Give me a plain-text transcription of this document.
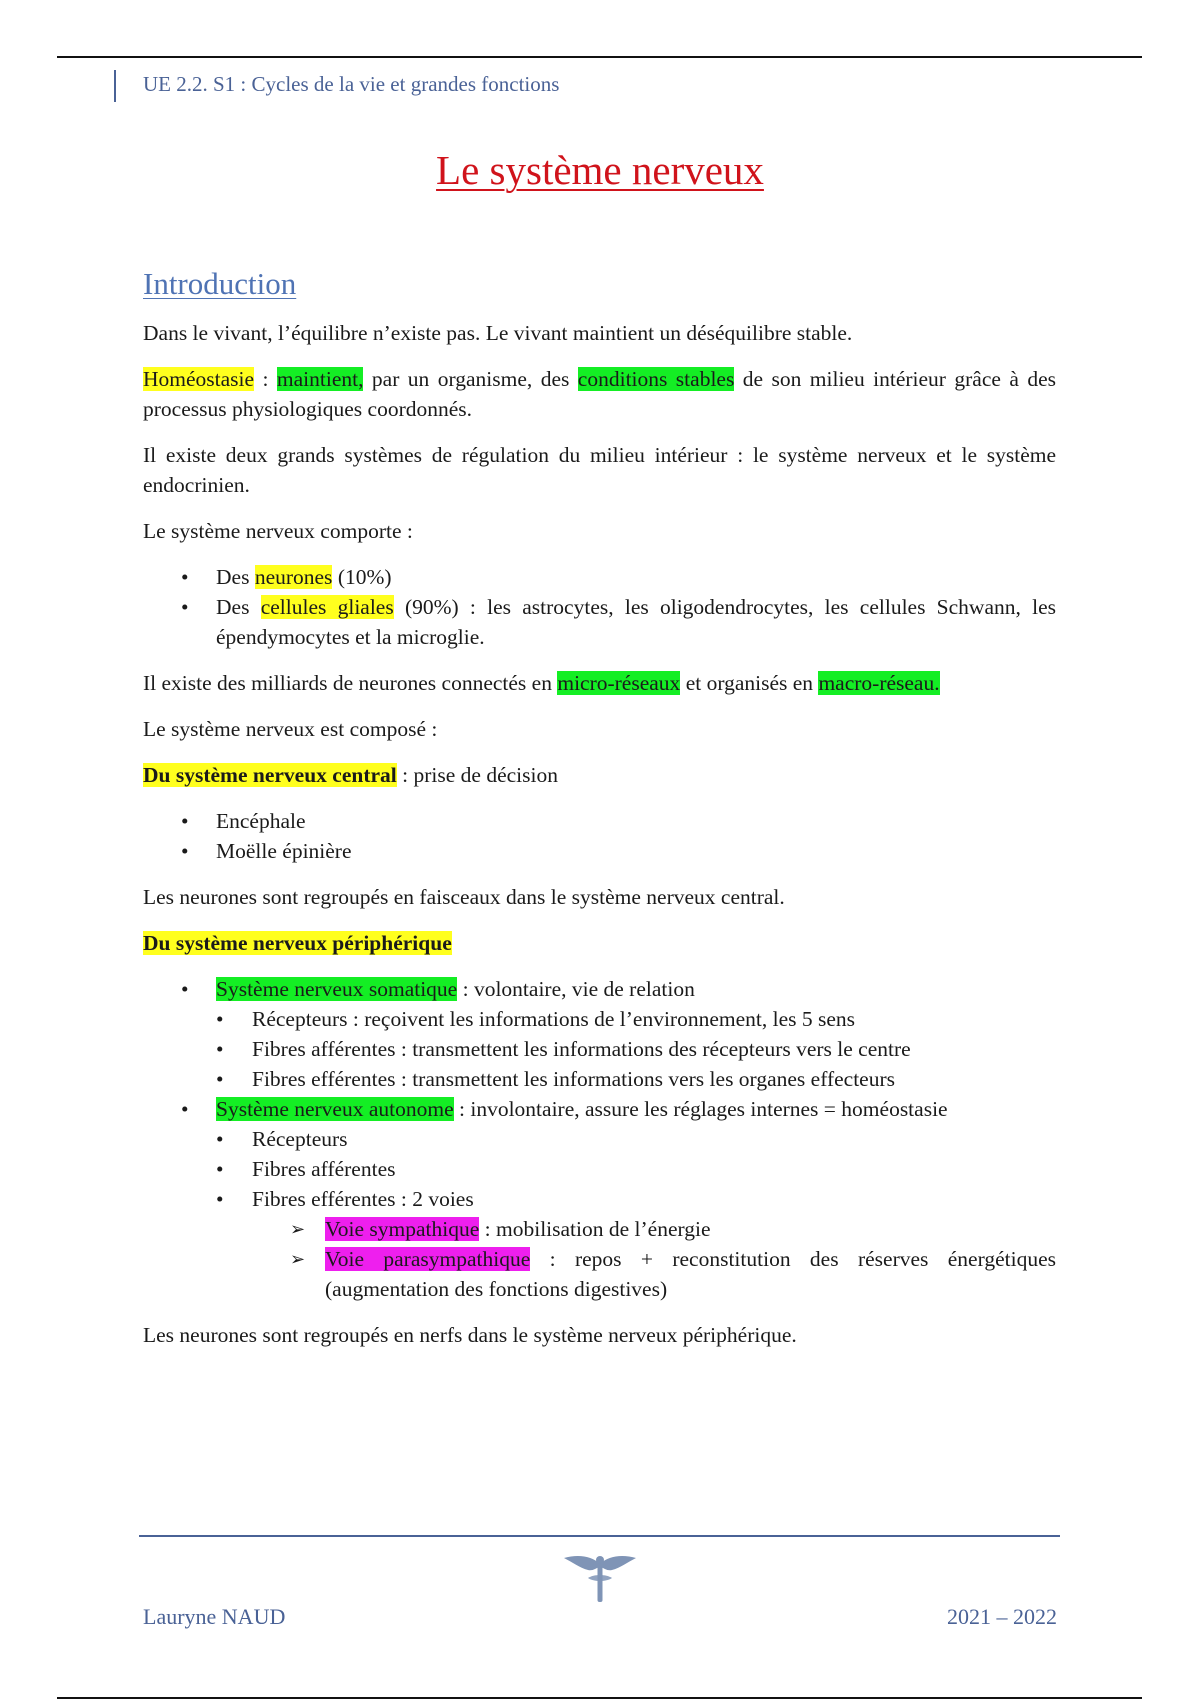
UE 2.2. S1 : Cycles de la vie et grandes fonctions
Le système nerveux
Introduction

Dans le vivant, l’équilibre n’existe pas. Le vivant maintient un déséquilibre stable.

Homéostasie : maintient, par un organisme, des conditions stables de son milieu intérieur grâce à des processus physiologiques coordonnés.

Il existe deux grands systèmes de régulation du milieu intérieur : le système nerveux et le système endocrinien.

Le système nerveux comporte :

• Des neurones (10%)
• Des cellules gliales (90%) : les astrocytes, les oligodendrocytes, les cellules Schwann, les épendymocytes et la microglie.

Il existe des milliards de neurones connectés en micro-réseaux et organisés en macro-réseau.

Le système nerveux est composé :

Du système nerveux central : prise de décision

• Encéphale
• Moëlle épinière

Les neurones sont regroupés en faisceaux dans le système nerveux central.

Du système nerveux périphérique

• Système nerveux somatique : volontaire, vie de relation
• Récepteurs : reçoivent les informations de l’environnement, les 5 sens
• Fibres afférentes : transmettent les informations des récepteurs vers le centre
• Fibres efférentes : transmettent les informations vers les organes effecteurs
• Système nerveux autonome : involontaire, assure les réglages internes = homéostasie
• Récepteurs
• Fibres afférentes
• Fibres efférentes : 2 voies
➢ Voie sympathique : mobilisation de l’énergie
➢ Voie parasympathique : repos + reconstitution des réserves énergétiques (augmentation des fonctions digestives)

Les neurones sont regroupés en nerfs dans le système nerveux périphérique.

Lauryne NAUD	2021 – 2022
